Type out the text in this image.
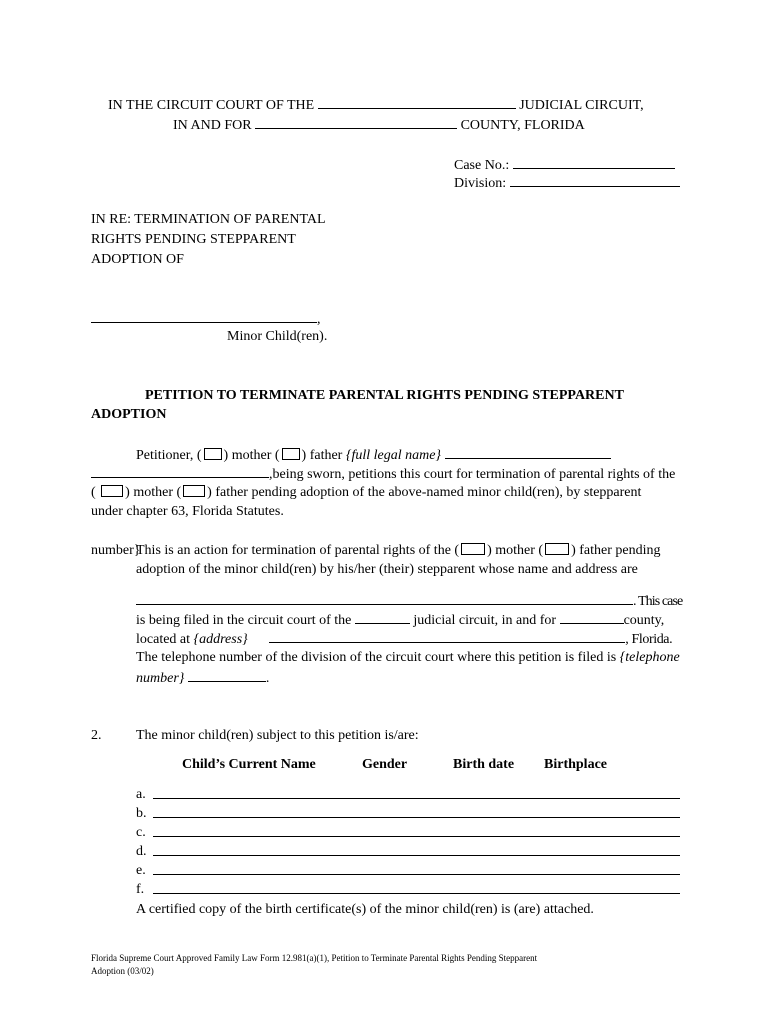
IN THE CIRCUIT COURT OF THE	JUDICIAL CIRCUIT,
IN AND FOR	COUNTY, FLORIDA
Case No.:
Division:
IN RE: TERMINATION OF PARENTAL
RIGHTS PENDING STEPPARENT
ADOPTION OF
,
Minor Child(ren).
PETITION TO TERMINATE PARENTAL RIGHTS PENDING STEPPARENT
ADOPTION
Petitioner, ( ) mother ( ) father {full legal name}
,being sworn, petitions this court for termination of parental rights of the
( ) mother ( ) father pending adoption of the above-named minor child(ren), by stepparent
under chapter 63, Florida Statutes.
number}
This is an action for termination of parental rights of the ( ) mother ( ) father pending
adoption of the minor child(ren) by his/her (their) stepparent whose name and address are
. This case
is being filed in the circuit court of the	judicial circuit, in and for	county,
located at {address}	, Florida.
The telephone number of the division of the circuit court where this petition is filed is {telephone
number}	.
2. The minor child(ren) subject to this petition is/are:
Child’s Current Name	Gender	Birth date Birthplace
a.
b.
c.
d.
e.
f.
A certified copy of the birth certificate(s) of the minor child(ren) is (are) attached.
Florida Supreme Court Approved Family Law Form 12.981(a)(1), Petition to Terminate Parental Rights Pending Stepparent
Adoption (03/02)
